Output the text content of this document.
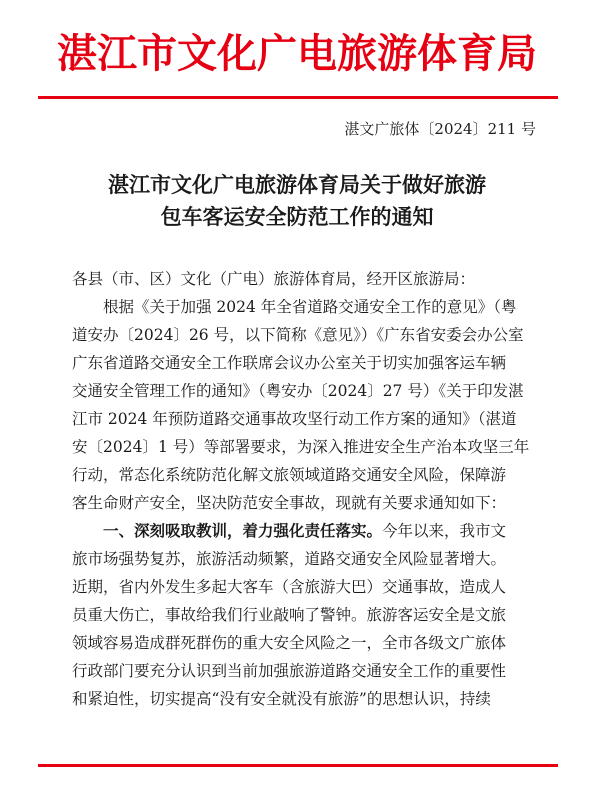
湛江市文化广电旅游体育局
湛文广旅体〔2024〕211 号
湛江市文化广电旅游体育局关于做好旅游
包车客运安全防范工作的通知
各县（市、区）文化（广电）旅游体育局，经开区旅游局：
根据《关于加强 2024 年全省道路交通安全工作的意见》（粤
道安办〔2024〕26 号，以下简称《意见》）《广东省安委会办公室
广东省道路交通安全工作联席会议办公室关于切实加强客运车辆
交通安全管理工作的通知》（粤安办〔2024〕27 号）《关于印发湛
江市 2024 年预防道路交通事故攻坚行动工作方案的通知》（湛道
安〔2024〕1 号）等部署要求，为深入推进安全生产治本攻坚三年
行动，常态化系统防范化解文旅领域道路交通安全风险，保障游
客生命财产安全，坚决防范安全事故，现就有关要求通知如下：
一、深刻吸取教训，着力强化责任落实。今年以来，我市文
旅市场强势复苏，旅游活动频繁，道路交通安全风险显著增大。
近期，省内外发生多起大客车（含旅游大巴）交通事故，造成人
员重大伤亡，事故给我们行业敲响了警钟。旅游客运安全是文旅
领域容易造成群死群伤的重大安全风险之一，全市各级文广旅体
行政部门要充分认识到当前加强旅游道路交通安全工作的重要性
和紧迫性，切实提高“没有安全就没有旅游”的思想认识，持续
